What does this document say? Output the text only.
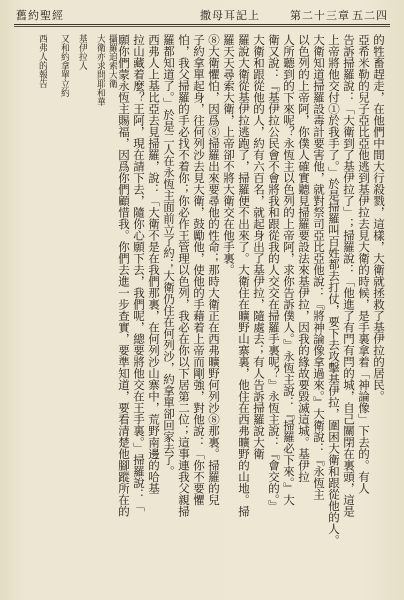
舊約聖經	撒母耳記上	第二十三章 五二四
攝羅追索大衛
大衛亦求問耶和華
基伊拉人
又和約拿單立約
西弗人的報告	的牲畜趕走，在他們中間大行殺戮，這樣，大衛就拯救了基伊拉的居民。
亞希米勒的兒子亞比亞他逃到基伊拉去見大衛的時候，是手裏拿着「神論像」下去的。有人
告訴掃羅說：「大衛到了基伊拉了」；掃羅說：「他進了有門有閂的城，自己關閉在裏頭，這是
上帝將他交付①於我手了。」於是掃羅叫百姓都去打仗，要下去攻擊基伊拉，圍困大衛和跟從他的人。
大衛知道掃羅設毒計要害他，就對祭司亞比亞他說：『將神論像拿過來。』大衛說：『永恆主
以色列的上帝阿，你僕人確實聽見掃羅要設法來基伊拉，因我的緣故要毀滅這城。基伊拉
人所聽到的下來呢？永恆主以色列的上帝阿，求你告訴僕人。』永恆主說：『掃羅必下來。』大
衛又說：『基伊拉公民會不會將我和跟從我的人交交在掃羅手裏呢？』永恆主說：『會交的。』
大衛和跟從他的人，約有六百名，就起身出了基伊拉，隨處去；有人告訴掃羅說大衛
羅說大衛從基伊拉逃跑了，掃羅便不出來了。大衛住在曠野山寨裏，他住在西弗曠野的山地。掃
羅天天尋索大衛，上帝卻不將大衛交在他手裏。
⑧大衛懼怕，因爲⑧掃羅出來要尋他的性命；那時大衛正在西弗曠野何列沙⑧那裏。掃羅的兒
子約拿單起身，往何列沙去見大衛，鼓勵他，使他的手藉着上帝而剛強，對他說：「你不要懼
怕，我父掃羅的手必找不着你；你必作王管理以色列，我必在你以下居第二位；這事連我父親掃
羅都知道了。」於是二人在永恆主面前立了約；大衛仍住在何列沙，約拿單卻回家去了。
西弗人上基比亞去見掃羅，說：「大衛不是在我們那裏，在何列沙山寨中，荒野南邊的哈基
拉山藏着麼？王阿，現在請下去，隨你心願下去，我們呢，總要將他交在王手裏。」掃羅說：「
願你們蒙永恆主賜福，因爲你們顧惜我。你們去進一步查實，要準知道，要看清楚他腳蹤所在的
